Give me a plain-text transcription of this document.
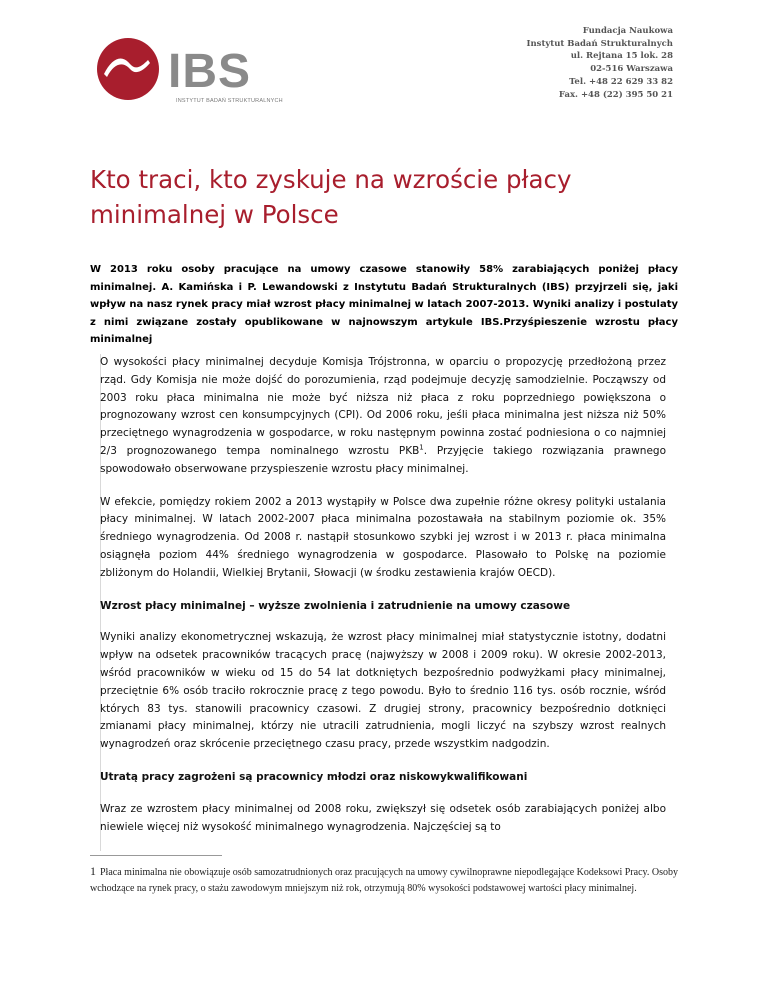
IBS
INSTYTUT BADAŃ STRUKTURALNYCH
Fundacja Naukowa
Instytut Badań Strukturalnych
ul. Rejtana 15 lok. 28
02-516 Warszawa
Tel. +48 22 629 33 82
Fax. +48 (22) 395 50 21
Kto traci, kto zyskuje na wzroście płacy minimalnej w Polsce

W 2013 roku osoby pracujące na umowy czasowe stanowiły 58% zarabiających poniżej płacy minimalnej. A. Kamińska i P. Lewandowski z Instytutu Badań Strukturalnych (IBS) przyjrzeli się, jaki wpływ na nasz rynek pracy miał wzrost płacy minimalnej w latach 2007-2013. Wyniki analizy i postulaty z nimi związane zostały opublikowane w najnowszym artykule IBS.Przyśpieszenie wzrostu płacy minimalnej

O wysokości płacy minimalnej decyduje Komisja Trójstronna, w oparciu o propozycję przedłożoną przez rząd. Gdy Komisja nie może dojść do porozumienia, rząd podejmuje decyzję samodzielnie. Począwszy od 2003 roku płaca minimalna nie może być niższa niż płaca z roku poprzedniego powiększona o prognozowany wzrost cen konsumpcyjnych (CPI). Od 2006 roku, jeśli płaca minimalna jest niższa niż 50% przeciętnego wynagrodzenia w gospodarce, w roku następnym powinna zostać podniesiona o co najmniej 2/3 prognozowanego tempa nominalnego wzrostu PKB$^1$. Przyjęcie takiego rozwiązania prawnego spowodowało obserwowane przyspieszenie wzrostu płacy minimalnej.

W efekcie, pomiędzy rokiem 2002 a 2013 wystąpiły w Polsce dwa zupełnie różne okresy polityki ustalania płacy minimalnej. W latach 2002-2007 płaca minimalna pozostawała na stabilnym poziomie ok. 35% średniego wynagrodzenia. Od 2008 r. nastąpił stosunkowo szybki jej wzrost i w 2013 r. płaca minimalna osiągnęła poziom 44% średniego wynagrodzenia w gospodarce. Plasowało to Polskę na poziomie zbliżonym do Holandii, Wielkiej Brytanii, Słowacji (w środku zestawienia krajów OECD).

Wzrost płacy minimalnej – wyższe zwolnienia i zatrudnienie na umowy czasowe

Wyniki analizy ekonometrycznej wskazują, że wzrost płacy minimalnej miał statystycznie istotny, dodatni wpływ na odsetek pracowników tracących pracę (najwyższy w 2008 i 2009 roku). W okresie 2002-2013, wśród pracowników w wieku od 15 do 54 lat dotkniętych bezpośrednio podwyżkami płacy minimalnej, przeciętnie 6% osób traciło rokrocznie pracę z tego powodu. Było to średnio 116 tys. osób rocznie, wśród których 83 tys. stanowili pracownicy czasowi. Z drugiej strony, pracownicy bezpośrednio dotknięci zmianami płacy minimalnej, którzy nie utracili zatrudnienia, mogli liczyć na szybszy wzrost realnych wynagrodzeń oraz skrócenie przeciętnego czasu pracy, przede wszystkim nadgodzin.

Utratą pracy zagrożeni są pracownicy młodzi oraz niskowykwalifikowani

Wraz ze wzrostem płacy minimalnej od 2008 roku, zwiększył się odsetek osób zarabiających poniżej albo niewiele więcej niż wysokość minimalnego wynagrodzenia. Najczęściej są to

1 Płaca minimalna nie obowiązuje osób samozatrudnionych oraz pracujących na umowy cywilnoprawne niepodlegające Kodeksowi Pracy. Osoby wchodzące na rynek pracy, o stażu zawodowym mniejszym niż rok, otrzymują 80% wysokości podstawowej wartości płacy minimalnej.
